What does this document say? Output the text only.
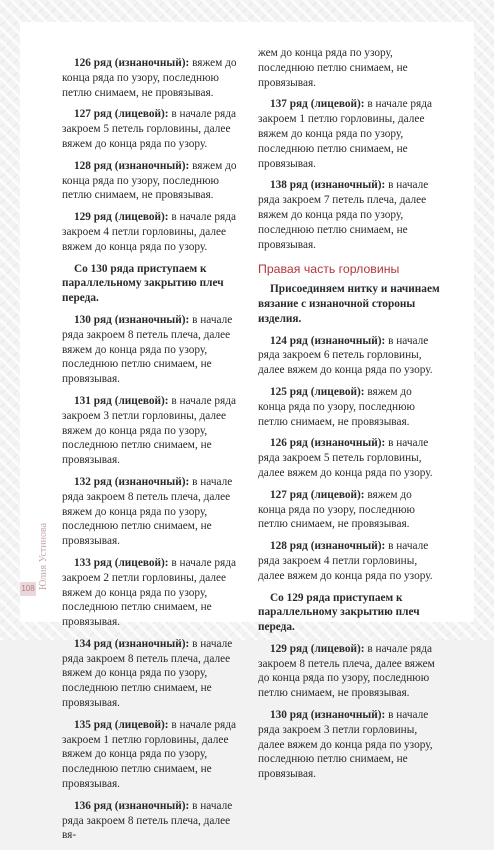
126 ряд (изнаночный): вяжем до конца ряда по узору, последнюю петлю снимаем, не провязывая.

127 ряд (лицевой): в начале ряда закроем 5 петель горловины, далее вяжем до конца ряда по узору.

128 ряд (изнаночный): вяжем до конца ряда по узору, последнюю петлю снимаем, не провязывая.

129 ряд (лицевой): в начале ряда закроем 4 петли горловины, далее вяжем до конца ряда по узору.

Со 130 ряда приступаем к параллельному закрытию плеч переда.

130 ряд (изнаночный): в начале ряда закроем 8 петель плеча, далее вяжем до конца ряда по узору, последнюю петлю снимаем, не провязывая.

131 ряд (лицевой): в начале ряда закроем 3 петли горловины, далее вяжем до конца ряда по узору, последнюю петлю снимаем, не провязывая.

132 ряд (изнаночный): в начале ряда закроем 8 петель плеча, далее вяжем до конца ряда по узору, последнюю петлю снимаем, не провязывая.

133 ряд (лицевой): в начале ряда закроем 2 петли горловины, далее вяжем до конца ряда по узору, последнюю петлю снимаем, не провязывая.

134 ряд (изнаночный): в начале ряда закроем 8 петель плеча, далее вяжем до конца ряда по узору, последнюю петлю снимаем, не провязывая.

135 ряд (лицевой): в начале ряда закроем 1 петлю горловины, далее вяжем до конца ряда по узору, последнюю петлю снимаем, не провязывая.

136 ряд (изнаночный): в начале ряда закроем 8 петель плеча, далее вя-

жем до конца ряда по узору, последнюю петлю снимаем, не провязывая.

137 ряд (лицевой): в начале ряда закроем 1 петлю горловины, далее вяжем до конца ряда по узору, последнюю петлю снимаем, не провязывая.

138 ряд (изнаночный): в начале ряда закроем 7 петель плеча, далее вяжем до конца ряда по узору, последнюю петлю снимаем, не провязывая.

Правая часть горловины

Присоединяем нитку и начинаем вязание с изнаночной стороны изделия.

124 ряд (изнаночный): в начале ряда закроем 6 петель горловины, далее вяжем до конца ряда по узору.

125 ряд (лицевой): вяжем до конца ряда по узору, последнюю петлю снимаем, не провязывая.

126 ряд (изнаночный): в начале ряда закроем 5 петель горловины, далее вяжем до конца ряда по узору.

127 ряд (лицевой): вяжем до конца ряда по узору, последнюю петлю снимаем, не провязывая.

128 ряд (изнаночный): в начале ряда закроем 4 петли горловины, далее вяжем до конца ряда по узору.

Со 129 ряда приступаем к параллельному закрытию плеч переда.

129 ряд (лицевой): в начале ряда закроем 8 петель плеча, далее вяжем до конца ряда по узору, последнюю петлю снимаем, не провязывая.

130 ряд (изнаночный): в начале ряда закроем 3 петли горловины, далее вяжем до конца ряда по узору, последнюю петлю снимаем, не провязывая.

Юлия Устинова
108
